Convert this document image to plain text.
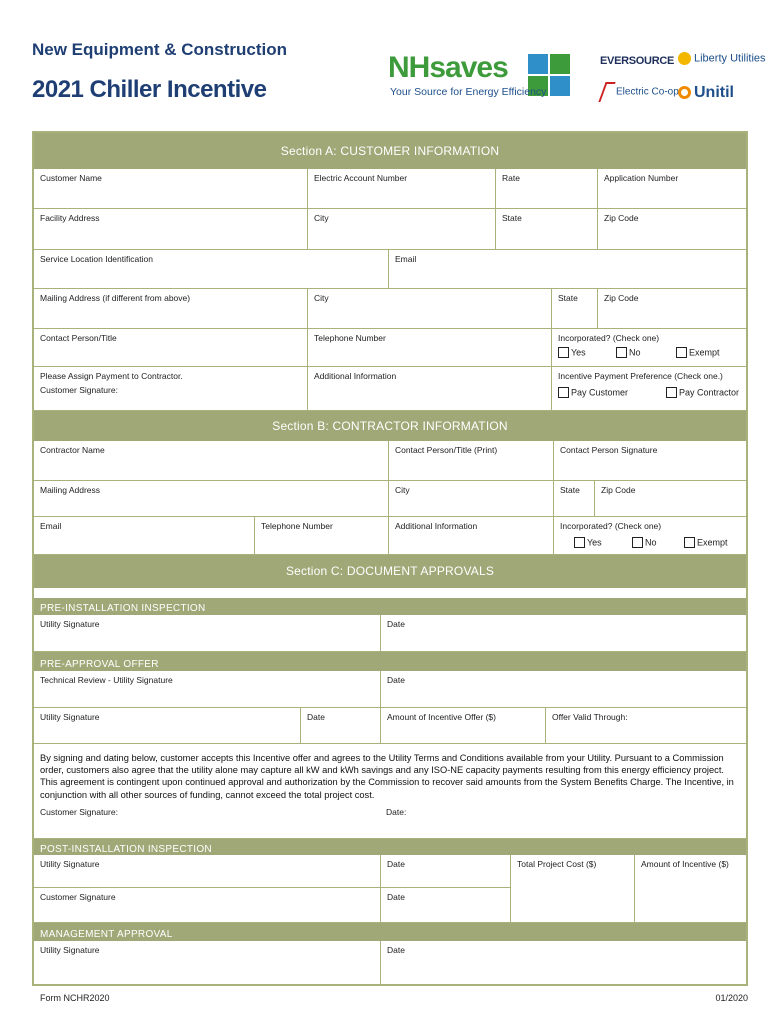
New Equipment & Construction
2021 Chiller Incentive
NHsaves
Your Source for Energy Efficiency
EVERSOURCE	Liberty Utilities
Electric Co-op Unitil
Section A: CUSTOMER INFORMATION
Customer Name	Electric Account Number	Rate	Application Number
Facility Address	City	State	Zip Code
Service Location Identification	Email
Mailing Address (if different from above)	City	State	Zip Code
Contact Person/Title	Telephone Number	Incorporated? (Check one)
Yes	No	Exempt
Please Assign Payment to Contractor.
Customer Signature:
Additional Information	Incentive Payment Preference (Check one.)
Pay Customer	Pay Contractor
Section B: CONTRACTOR INFORMATION
Contractor Name	Contact Person/Title (Print)	Contact Person Signature
Mailing Address	City	State Zip Code
Email	Telephone Number	Additional Information	Incorporated? (Check one)
Yes	No	Exempt
Section C: DOCUMENT APPROVALS
PRE-INSTALLATION INSPECTION
Utility Signature	Date
PRE-APPROVAL OFFER
Technical Review - Utility Signature	Date
Utility Signature	Date	Amount of Incentive Offer ($)	Offer Valid Through:
By signing and dating below, customer accepts this Incentive offer and agrees to the Utility Terms and Conditions available from your Utility. Pursuant to a Commission order, customers also agree that the utility alone may capture all kW and kWh savings and any ISO-NE capacity payments resulting from this energy efficiency project. This agreement is contingent upon continued approval and authorization by the Commission to recover said amounts from the System Benefits Charge. The Incentive, in conjunction with all other sources of funding, cannot exceed the total project cost.
Customer Signature:	Date:
POST-INSTALLATION INSPECTION
Utility Signature	Date	Total Project Cost ($)	Amount of Incentive ($)
Customer Signature	Date
MANAGEMENT APPROVAL
Utility Signature	Date
Form NCHR2020	01/2020
